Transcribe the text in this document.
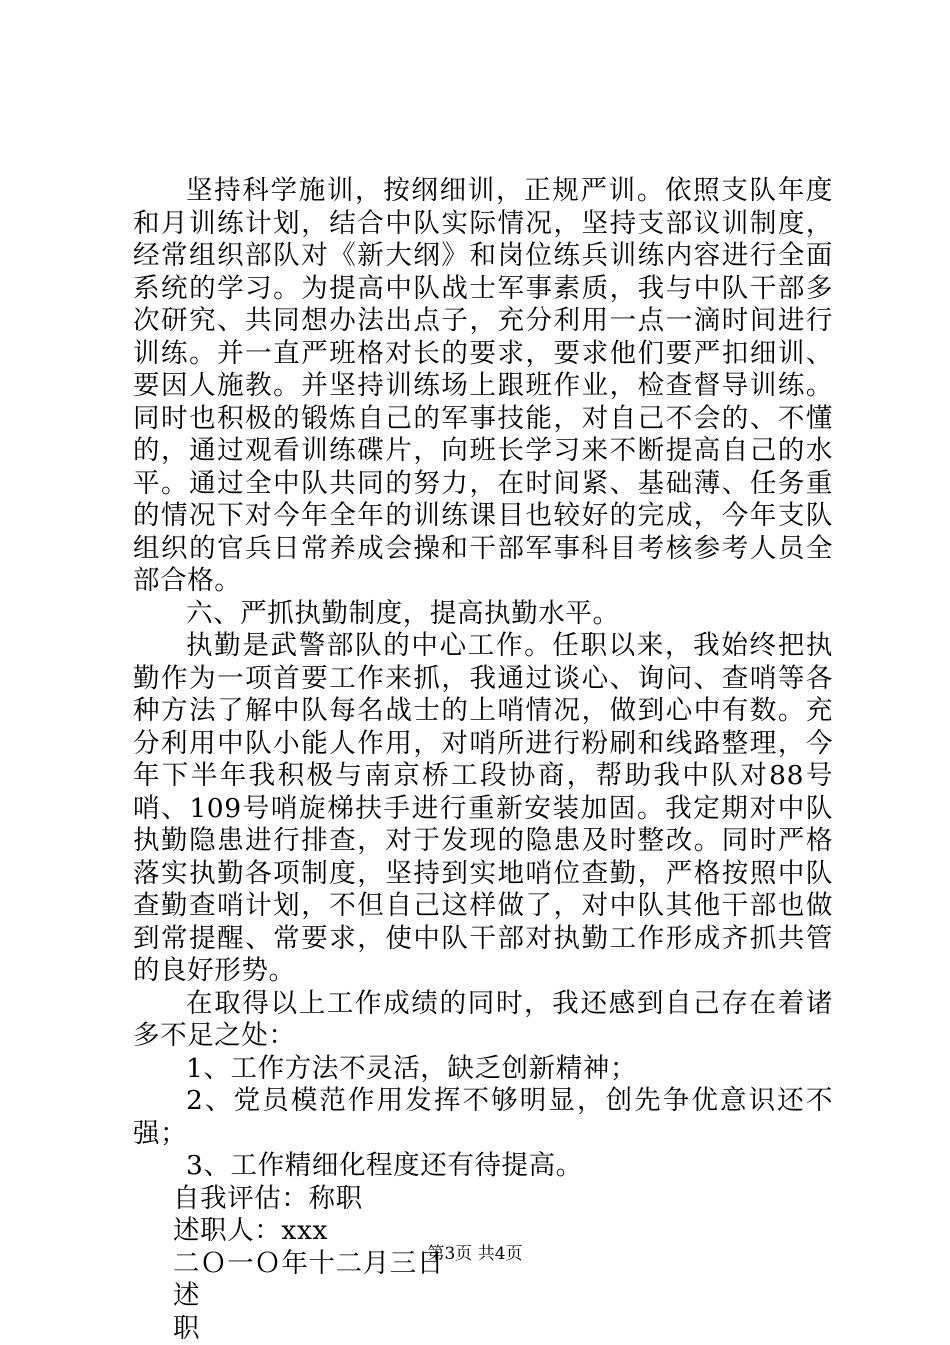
坚持科学施训，按纲细训，正规严训。依照支队年度和月训练计划，结合中队实际情况，坚持支部议训制度，经常组织部队对《新大纲》和岗位练兵训练内容进行全面系统的学习。为提高中队战士军事素质，我与中队干部多次研究、共同想办法出点子，充分利用一点一滴时间进行训练。并一直严班格对长的要求，要求他们要严扣细训、要因人施教。并坚持训练场上跟班作业，检查督导训练。同时也积极的锻炼自己的军事技能，对自己不会的、不懂的，通过观看训练碟片，向班长学习来不断提高自己的水平。通过全中队共同的努力，在时间紧、基础薄、任务重的情况下对今年全年的训练课目也较好的完成，今年支队组织的官兵日常养成会操和干部军事科目考核参考人员全部合格。

六、严抓执勤制度，提高执勤水平。

执勤是武警部队的中心工作。任职以来，我始终把执勤作为一项首要工作来抓，我通过谈心、询问、查哨等各种方法了解中队每名战士的上哨情况，做到心中有数。充分利用中队小能人作用，对哨所进行粉刷和线路整理，今年下半年我积极与南京桥工段协商，帮助我中队对88号哨、109号哨旋梯扶手进行重新安装加固。我定期对中队执勤隐患进行排查，对于发现的隐患及时整改。同时严格落实执勤各项制度，坚持到实地哨位查勤，严格按照中队查勤查哨计划，不但自己这样做了，对中队其他干部也做到常提醒、常要求，使中队干部对执勤工作形成齐抓共管的良好形势。

在取得以上工作成绩的同时，我还感到自己存在着诸多不足之处：

1、工作方法不灵活，缺乏创新精神；

2、党员模范作用发挥不够明显，创先争优意识还不强；

3、工作精细化程度还有待提高。

自我评估：称职

述职人：xxx

二Ｏ一Ｏ年十二月三日

述

职

第3页 共4页
